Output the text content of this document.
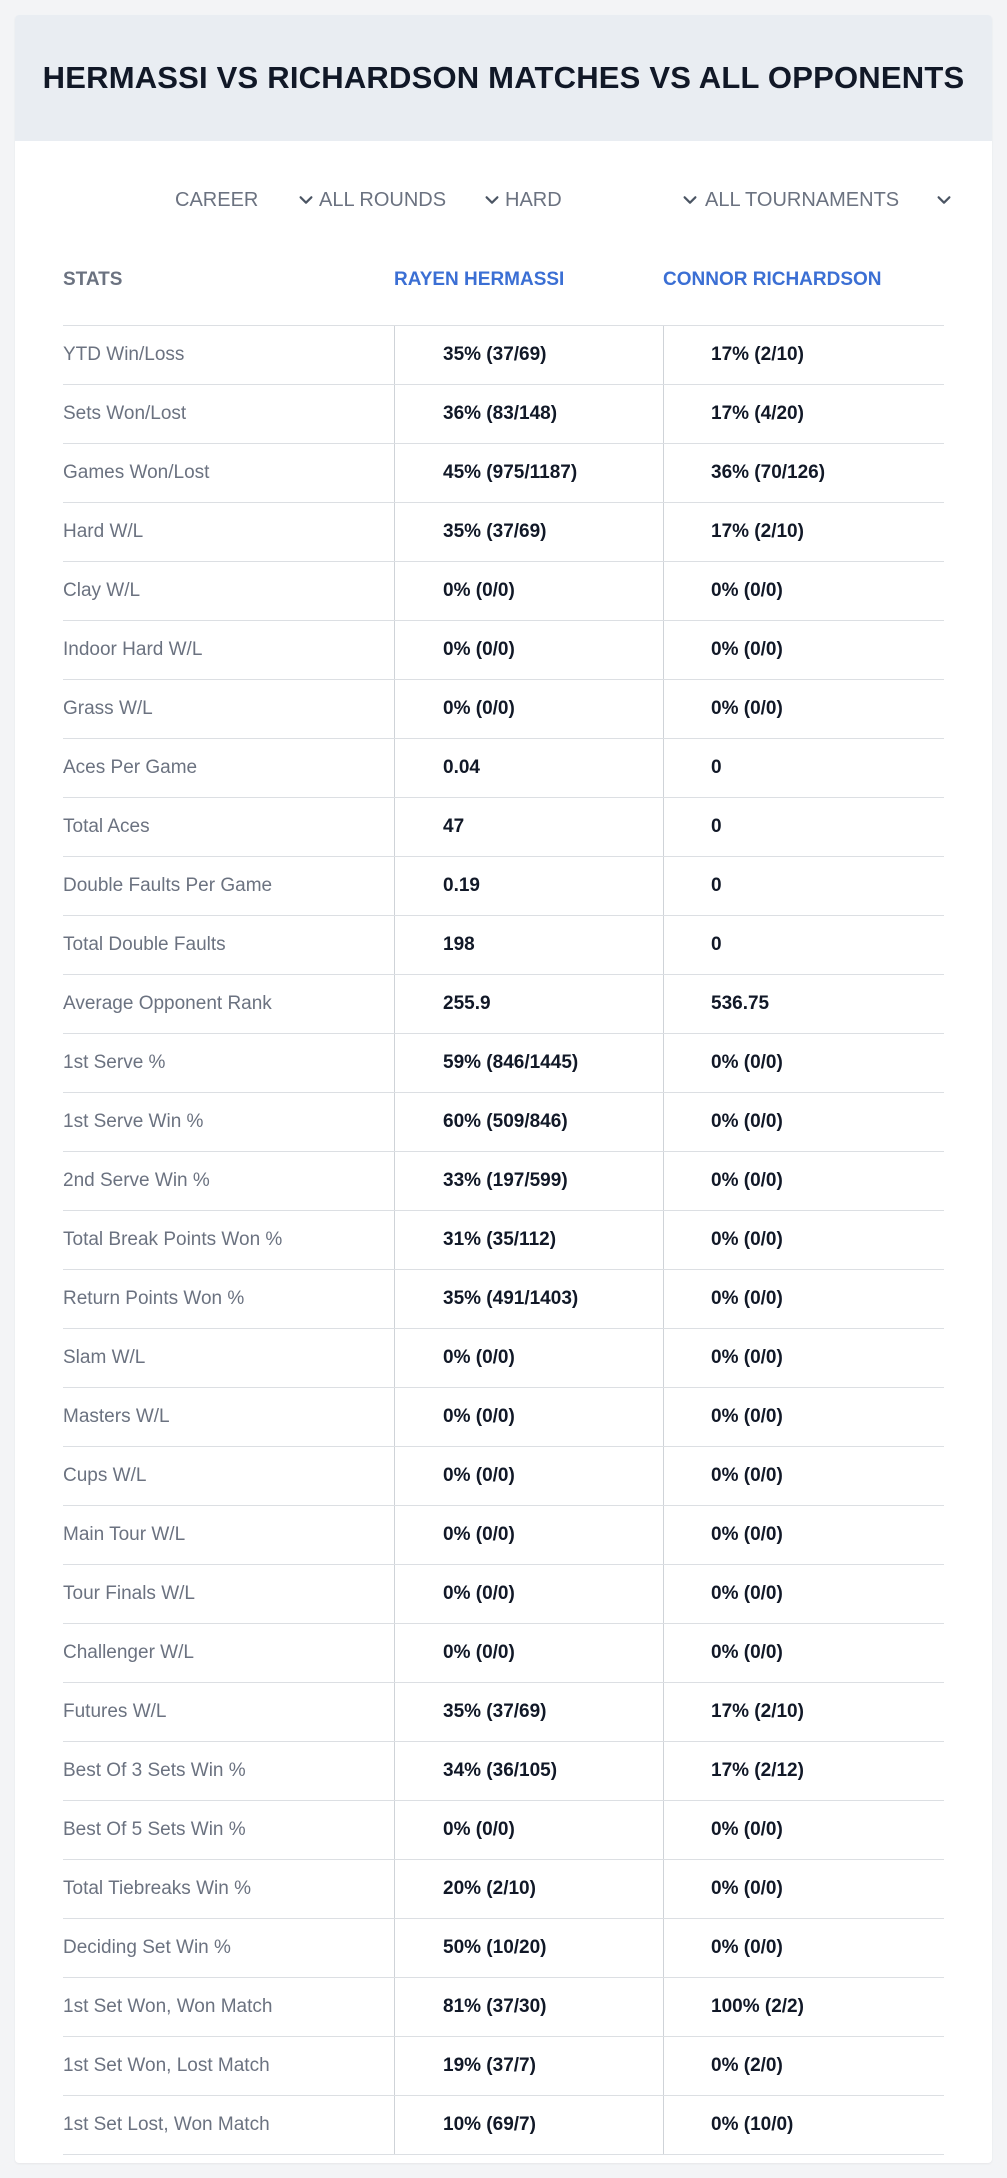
HERMASSI VS RICHARDSON MATCHES VS ALL OPPONENTS
CAREER	ALL ROUNDS	HARD	ALL TOURNAMENTS
STATS	RAYEN HERMASSI	CONNOR RICHARDSON
YTD Win/Loss	35% (37/69)	17% (2/10)
Sets Won/Lost	36% (83/148)	17% (4/20)
Games Won/Lost	45% (975/1187)	36% (70/126)
Hard W/L	35% (37/69)	17% (2/10)
Clay W/L	0% (0/0)	0% (0/0)
Indoor Hard W/L	0% (0/0)	0% (0/0)
Grass W/L	0% (0/0)	0% (0/0)
Aces Per Game	0.04	0
Total Aces	47	0
Double Faults Per Game	0.19	0
Total Double Faults	198	0
Average Opponent Rank	255.9	536.75
1st Serve %	59% (846/1445)	0% (0/0)
1st Serve Win %	60% (509/846)	0% (0/0)
2nd Serve Win %	33% (197/599)	0% (0/0)
Total Break Points Won %	31% (35/112)	0% (0/0)
Return Points Won %	35% (491/1403)	0% (0/0)
Slam W/L	0% (0/0)	0% (0/0)
Masters W/L	0% (0/0)	0% (0/0)
Cups W/L	0% (0/0)	0% (0/0)
Main Tour W/L	0% (0/0)	0% (0/0)
Tour Finals W/L	0% (0/0)	0% (0/0)
Challenger W/L	0% (0/0)	0% (0/0)
Futures W/L	35% (37/69)	17% (2/10)
Best Of 3 Sets Win %	34% (36/105)	17% (2/12)
Best Of 5 Sets Win %	0% (0/0)	0% (0/0)
Total Tiebreaks Win %	20% (2/10)	0% (0/0)
Deciding Set Win %	50% (10/20)	0% (0/0)
1st Set Won, Won Match	81% (37/30)	100% (2/2)
1st Set Won, Lost Match	19% (37/7)	0% (2/0)
1st Set Lost, Won Match	10% (69/7)	0% (10/0)
